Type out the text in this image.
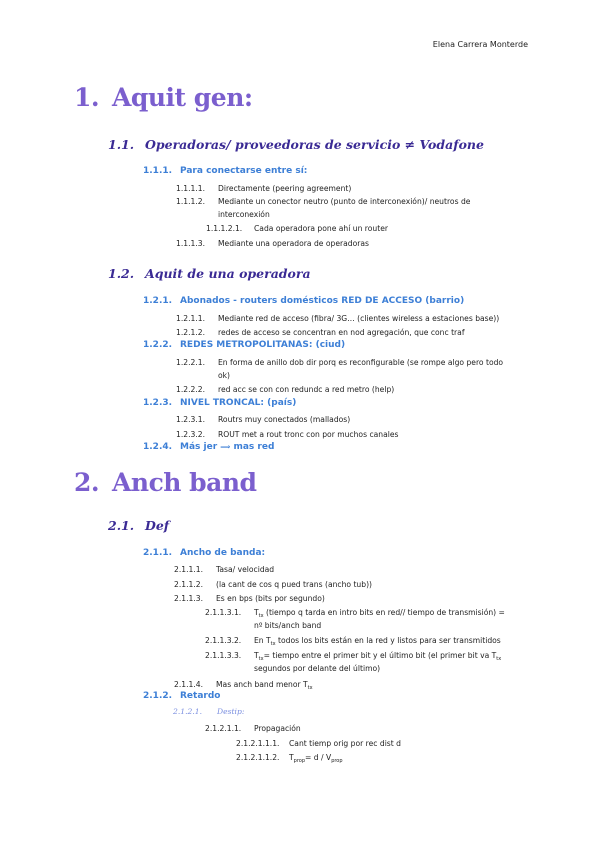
Elena Carrera Monterde
1. Aquit gen:
1.1. Operadoras/ proveedoras de servicio ≠ Vodafone
1.1.1. Para conectarse entre sí:
1.1.1.1. Directamente (peering agreement)
1.1.1.2. Mediante un conector neutro (punto de interconexión)/ neutros de
interconexión
1.1.1.2.1. Cada operadora pone ahí un router
1.1.1.3. Mediante una operadora de operadoras
1.2. Aquit de una operadora
1.2.1. Abonados - routers domésticos RED DE ACCESO (barrio)
1.2.1.1. Mediante red de acceso (fibra/ 3G… (clientes wireless a estaciones base))
1.2.1.2. redes de acceso se concentran en nod agregación, que conc traf
1.2.2. REDES METROPOLITANAS: (ciud)
1.2.2.1. En forma de anillo dob dir porq es reconfigurable (se rompe algo pero todo
ok)
1.2.2.2. red acc se con con redundc a red metro (help)
1.2.3. NIVEL TRONCAL: (país)
1.2.3.1. Routrs muy conectados (mallados)
1.2.3.2. ROUT met a rout tronc con por muchos canales
1.2.4. Más jer ⟹ mas red
2. Anch band
2.1. Def
2.1.1. Ancho de banda:
2.1.1.1. Tasa/ velocidad
2.1.1.2. (la cant de cos q pued trans (ancho tub))
2.1.1.3. Es en bps (bits por segundo)
2.1.1.3.1. $T_{tx}$ (tiempo q tarda en intro bits en red// tiempo de transmisión) =
nº bits/anch band
2.1.1.3.2. En $T_{tx}$ todos los bits están en la red y listos para ser transmitidos
2.1.1.3.3. $T_{tx}=$ tiempo entre el primer bit y el último bit (el primer bit va $T_{tx}$
segundos por delante del último)
2.1.1.4. Mas anch band menor $T_{tx}$
2.1.2. Retardo
2.1.2.1. Destip:
2.1.2.1.1. Propagación
2.1.2.1.1.1. Cant tiemp orig por rec dist d
2.1.2.1.1.2. $T_{prop}= d / V_{prop}$
